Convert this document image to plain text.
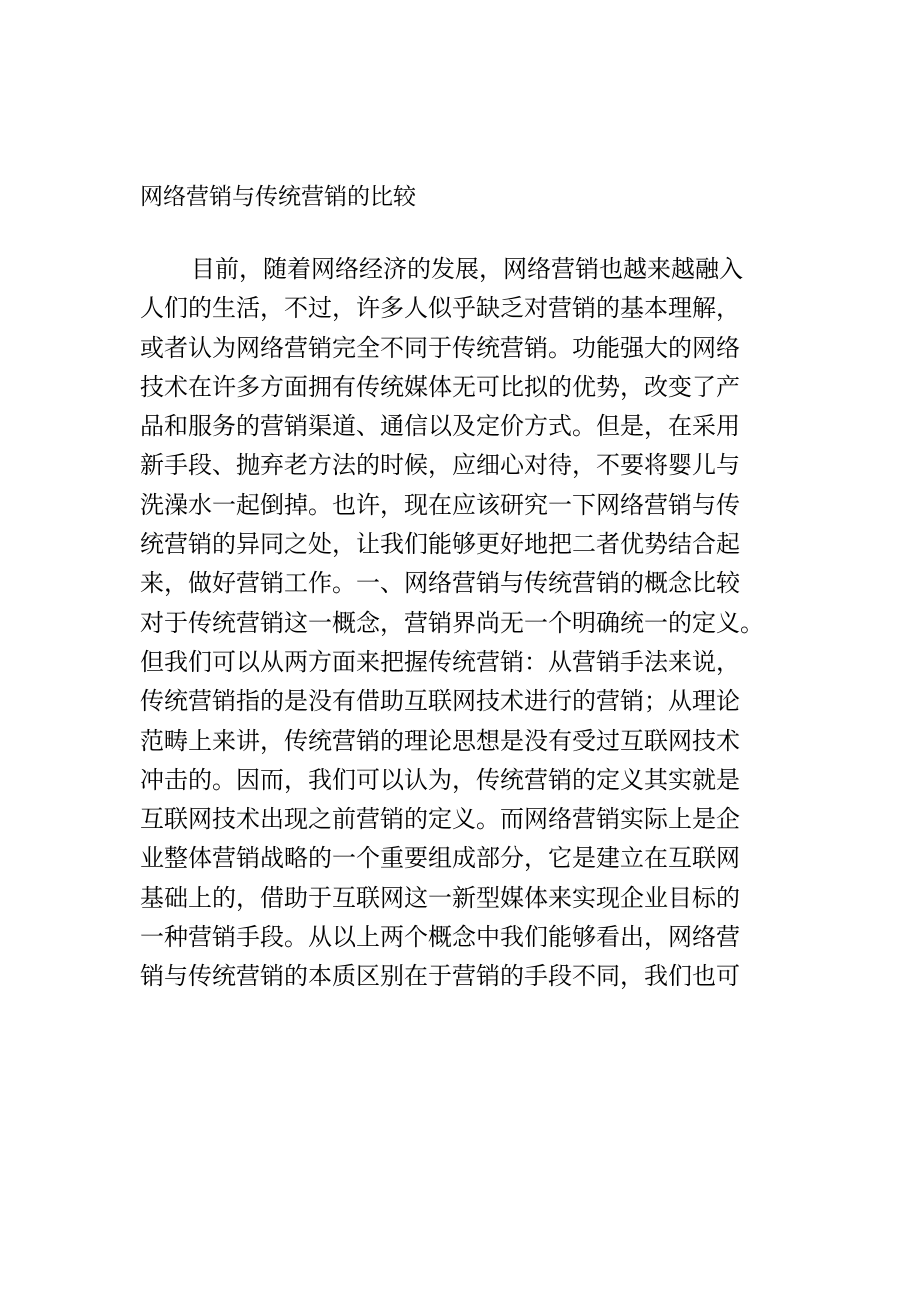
网络营销与传统营销的比较
目前，随着网络经济的发展，网络营销也越来越融入
人们的生活，不过，许多人似乎缺乏对营销的基本理解，
或者认为网络营销完全不同于传统营销。功能强大的网络
技术在许多方面拥有传统媒体无可比拟的优势，改变了产
品和服务的营销渠道、通信以及定价方式。但是，在采用
新手段、抛弃老方法的时候，应细心对待，不要将婴儿与
洗澡水一起倒掉。也许，现在应该研究一下网络营销与传
统营销的异同之处，让我们能够更好地把二者优势结合起
来，做好营销工作。一、网络营销与传统营销的概念比较
对于传统营销这一概念，营销界尚无一个明确统一的定义。
但我们可以从两方面来把握传统营销：从营销手法来说，
传统营销指的是没有借助互联网技术进行的营销；从理论
范畴上来讲，传统营销的理论思想是没有受过互联网技术
冲击的。因而，我们可以认为，传统营销的定义其实就是
互联网技术出现之前营销的定义。而网络营销实际上是企
业整体营销战略的一个重要组成部分，它是建立在互联网
基础上的，借助于互联网这一新型媒体来实现企业目标的
一种营销手段。从以上两个概念中我们能够看出，网络营
销与传统营销的本质区别在于营销的手段不同，我们也可
